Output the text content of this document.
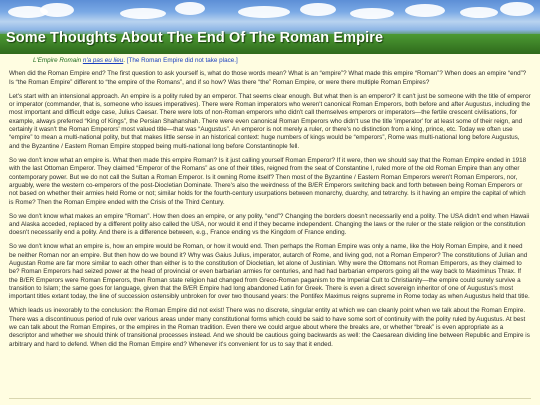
Some Thoughts About The End Of The Roman Empire

L'Empire Romain n'a pas eu lieu. [The Roman Empire did not take place.]

When did the Roman Empire end? The first question to ask yourself is, what do those words mean? What is an “empire”? What made this empire “Roman”? When does an empire “end”? Is “the Roman Empire” different to “the empire of the Romans”, and if so how? Was there “the” Roman Empire, or were there multiple Roman Empires?

Let's start with an intensional approach. An empire is a polity ruled by an emperor. That seems clear enough. But what then is an emperor? It can't just be someone with the title of emperor or imperator (commander, that is, someone who issues imperatives). There were Roman imperators who weren't canonical Roman Emperors, both before and after Augustus, including the most important and difficult edge case, Julius Caesar. There were lots of non-Roman emperors who didn't call themselves emperors or imperators—the fertile crescent civilisations, for example, always preferred “King of Kings”, the Persian Shahanshah. There were even canonical Roman Emperors who didn't use the title 'imperator' for at least some of their reign, and certainly it wasn't the Roman Emperors' most valued title—that was “Augustus”. An emperor is not merely a ruler, or there's no distinction from a king, prince, etc. Today we often use “empire” to mean a multi-national polity, but that makes little sense in an historical context: huge numbers of kings would be “emperors”, Rome was multi-national long before Augustus, and the Byzantine / Eastern Roman Empire stopped being multi-national long before Constantinople fell.

So we don't know what an empire is. What then made this empire Roman? Is it just calling yourself Roman Emperor? If it were, then we should say that the Roman Empire ended in 1918 with the last Ottoman Emperor. They claimed “Emperor of the Romans” as one of their titles, reigned from the seat of Constantine I, ruled more of the old Roman Empire than any other contemporary power. But we do not call the Sultan a Roman Emperor. Is it owning Rome itself? Then most of the Byzantine / Eastern Roman Emperors weren't Roman Emperors, nor, arguably, were the western co-emperors of the post-Diocletian Dominate. There's also the weirdness of the B/ER Emperors switching back and forth between being Roman Emperors or not based on whether their armies held Rome or not; similar holds for the fourth-century usurpations between monarchy, duarchy, and tetrarchy. Is it having an empire the capital of which is Rome? Then the Roman Empire ended with the Crisis of the Third Century.

So we don't know what makes an empire “Roman”. How then does an empire, or any polity, “end”? Changing the borders doesn't necessarily end a polity. The USA didn't end when Hawaii and Alaska acceded, replaced by a different polity also called the USA, nor would it end if they became independent. Changing the laws or the ruler or the state religion or the constitution doesn't necessarily end a polity. And there is a difference between, e.g., France ending vs the Kingdom of France ending.

So we don't know what an empire is, how an empire would be Roman, or how it would end. Then perhaps the Roman Empire was only a name, like the Holy Roman Empire, and it need be neither Roman nor an empire. But then how do we bound it? Why was Gaius Julius, imperator, autarch of Rome, and living god, not a Roman Emperor? The constitutions of Julian and Augustan Rome are far more similar to each other than either is to the constitution of Diocletian, let alone of Justinian. Why were the Ottomans not Roman Emperors, as they claimed to be? Roman Emperors had seized power at the head of provincial or even barbarian armies for centuries, and had had barbarian emperors going all the way back to Maximinus Thrax. If the B/ER Emperors were Roman Emperors, then Roman state religion had changed from Greco-Roman paganism to the Imperial Cult to Christianity—the empire could surely survive a transition to Islam; the same goes for language, given that the B/ER Empire had long abandoned Latin for Greek. There is even a direct sovereign inheritor of one of Augustus's most important titles extant today, the line of succession ostensibly unbroken for over two thousand years: the Pontifex Maximus reigns supreme in Rome today as when Augustus held that title.

Which leads us inexorably to the conclusion: the Roman Empire did not exist! There was no discrete, singular entity at which we can cleanly point when we talk about the Roman Empire. There was a discontinuous period of rule over various areas under many constitutional forms which could be said to have some sort of continuity with the polity ruled by Augustus. At best we can talk about the Roman Empires, or the empires in the Roman tradition. Even there we could argue about where the breaks are, or whether “break” is even appropriate as a descriptor and whether we should think of transitional processes instead. And we should be cautious going backwards as well: the Caesarean dividing line between Republic and Empire is arbitrary and hard to defend. When did the Roman Empire end? Whenever it's convenient for us to say that it ended.
